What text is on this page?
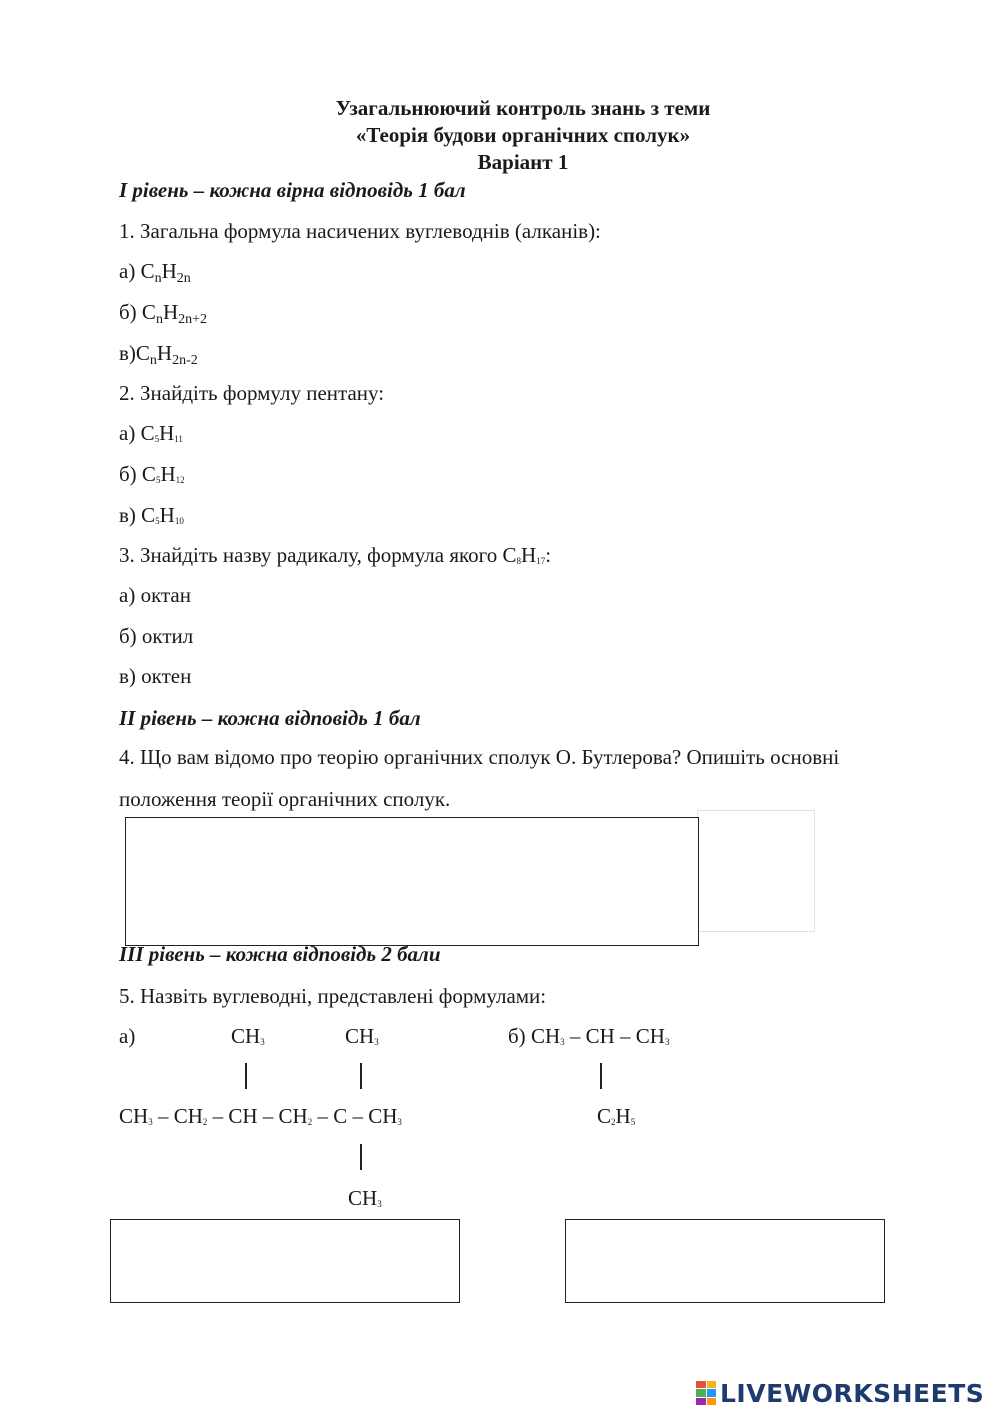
Узагальнюючий контроль знань з теми
«Теорія будови органічних сполук»
Варіант 1
I рівень – кожна вірна відповідь 1 бал
1. Загальна формула насичених вуглеводнів (алканів):
а) $C_nH_{2n}$
б) $C_nH_{2n+2}$
$в)C_nH_{2n-2}$
2. Знайдіть формулу пентану:
а) C5H11
б) C5H12
в) C5H10
3. Знайдіть назву радикалу, формула якого C8H17:
а) октан
б) октил
в) октен
II рівень – кожна відповідь 1 бал
4. Що вам відомо про теорію органічних сполук О. Бутлерова? Опишіть основні
положення теорії органічних сполук.
III рівень – кожна відповідь 2 бали
5. Назвіть вуглеводні, представлені формулами:
а)	CH3	CH3
CH3 – CH2 – CH – CH2 – C – CH3
CH3
б) CH3 – CH – CH3
C2H5
LIVEWORKSHEETS
